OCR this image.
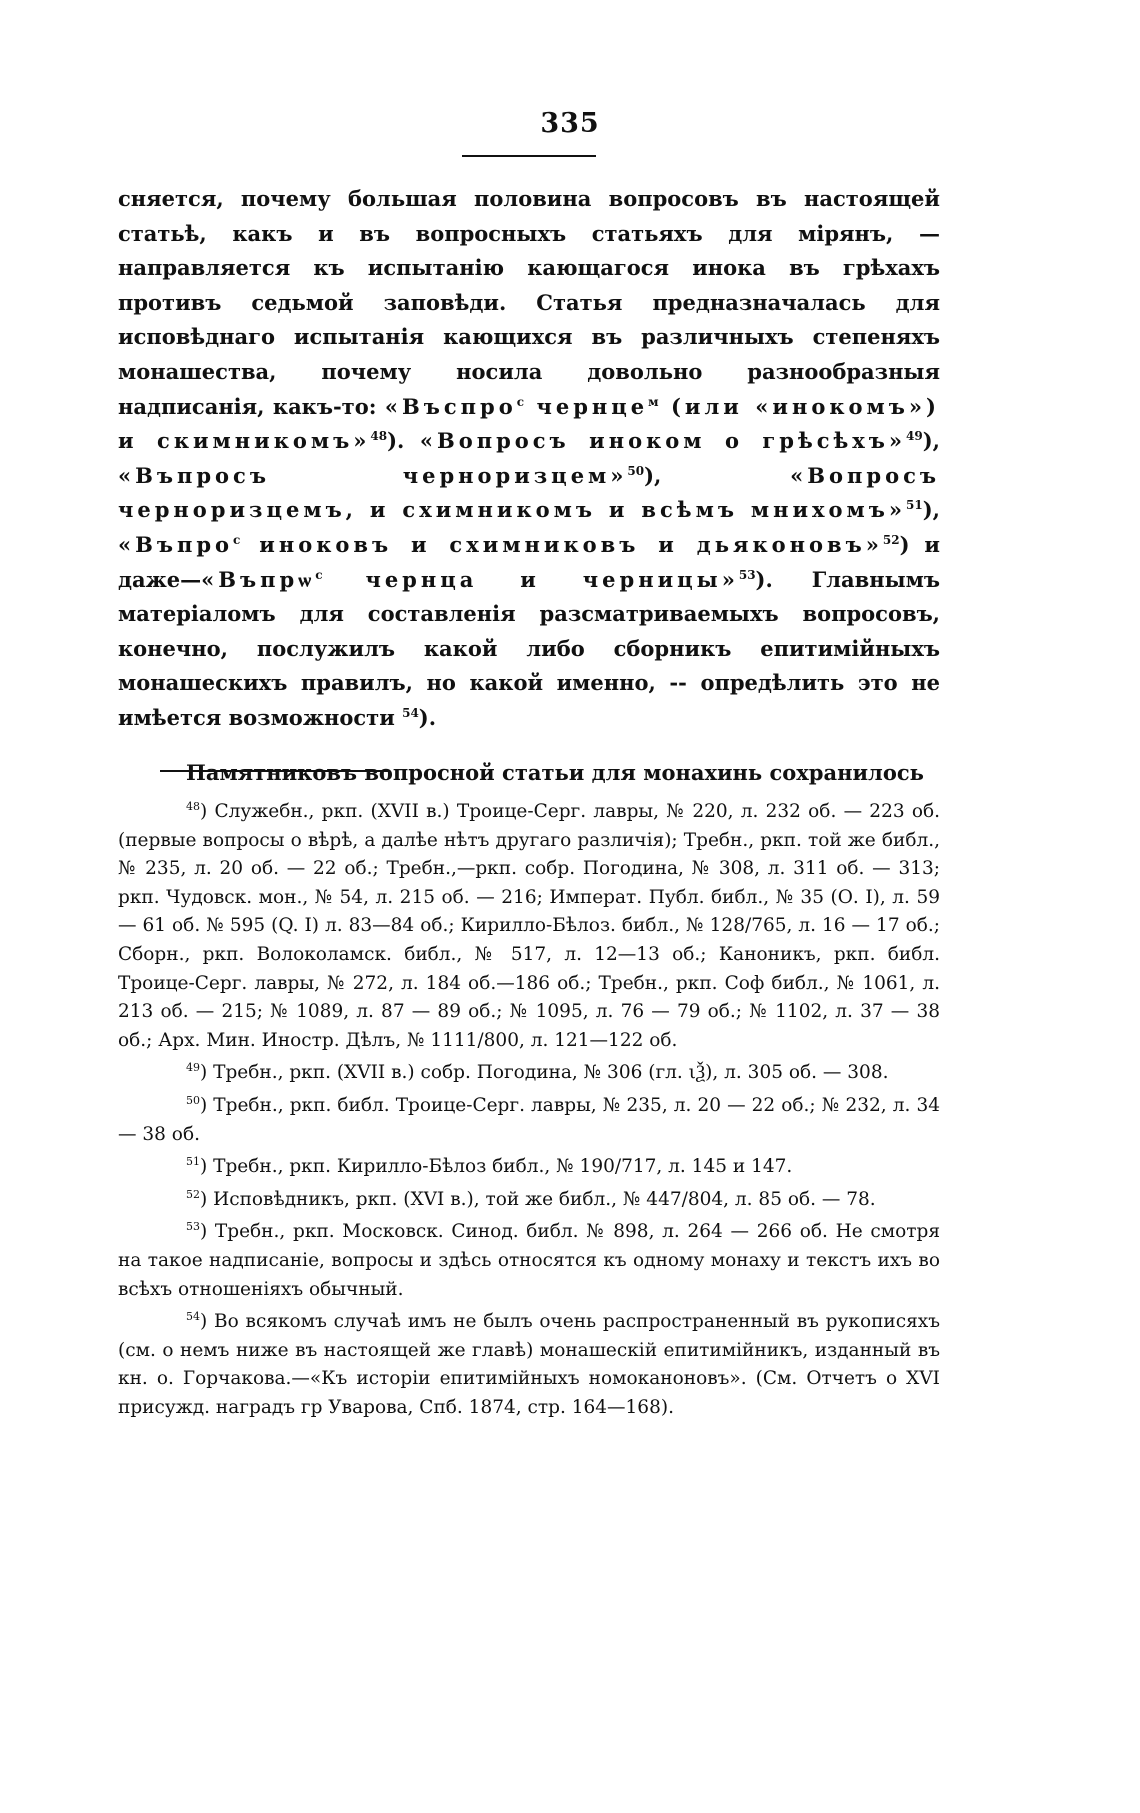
335

сняется, почему большая половина вопросовъ въ настоящей статьѣ, какъ и въ вопросныхъ статьяхъ для мірянъ, — направляется къ испытанію кающагося инока въ грѣхахъ противъ седьмой заповѣди. Статья предназначалась для исповѣднаго испытанія кающихся въ различныхъ степеняхъ монашества, почему носила довольно разнообразныя надписанія, какъ-то: «Въспро$^с$ чернце$^м$ (или «инокомъ») и скимникомъ»$^{48}$). «Вопросъ иноком о грѣсѣхъ»$^{49}$), «Въпросъ черноризцем»$^{50}$), «Вопросъ черноризцемъ, и схимникомъ и всѣмъ мнихомъ»$^{51}$), «Въпро$^с$ иноковъ и схимниковъ и дьяконовъ»$^{52}$) и даже—«Въпрѡ$^с$ чернца и черницы»$^{53}$). Главнымъ матеріаломъ для составленія разсматриваемыхъ вопросовъ, конечно, послужилъ какой либо сборникъ епитимійныхъ монашескихъ правилъ, но какой именно, -- опредѣлить это не имѣется возможности $^{54}$).

Памятниковъ вопросной статьи для монахинь сохранилось

$^{48}$) Служебн., ркп. (XVII в.) Троице-Серг. лавры, № 220, л. 232 об. — 223 об. (первые вопросы о вѣрѣ, а далѣе нѣтъ другаго различія); Требн., ркп. той же библ., № 235, л. 20 об. — 22 об.; Требн.,—ркп. собр. Погодина, № 308, л. 311 об. — 313; ркп. Чудовск. мон., № 54, л. 215 об. — 216; Императ. Публ. библ., № 35 (О. I), л. 59 — 61 об. № 595 (Q. I) л. 83—84 об.; Кирилло-Бѣлоз. библ., № 128/765, л. 16 — 17 об.; Сборн., ркп. Волоколамск. библ., № 517, л. 12—13 об.; Каноникъ, ркп. библ. Троице-Серг. лавры, № 272, л. 184 об.—186 об.; Требн., ркп. Соф библ., № 1061, л. 213 об. — 215; № 1089, л. 87 — 89 об.; № 1095, л. 76 — 79 об.; № 1102, л. 37 — 38 об.; Арх. Мин. Иностр. Дѣлъ, № 1111/800, л. 121—122 об.

$^{49}$) Требн., ркп. (XVII в.) собр. Погодина, № 306 (гл. ιѮ), л. 305 об. — 308.

$^{50}$) Требн., ркп. библ. Троице-Серг. лавры, № 235, л. 20 — 22 об.; № 232, л. 34 — 38 об.

$^{51}$) Требн., ркп. Кирилло-Бѣлоз библ., № 190/717, л. 145 и 147.

$^{52}$) Исповѣдникъ, ркп. (XVI в.), той же библ., № 447/804, л. 85 об. — 78.

$^{53}$) Требн., ркп. Московск. Синод. библ. № 898, л. 264 — 266 об. Не смотря на такое надписаніе, вопросы и здѣсь относятся къ одному монаху и текстъ ихъ во всѣхъ отношеніяхъ обычный.

$^{54}$) Во всякомъ случаѣ имъ не былъ очень распространенный въ рукописяхъ (см. о немъ ниже въ настоящей же главѣ) монашескій епитимійникъ, изданный въ кн. о. Горчакова.—«Къ исторіи епитимійныхъ номоканоновъ». (См. Отчетъ о XVI присужд. наградъ гр Уварова, Спб. 1874, стр. 164—168).
